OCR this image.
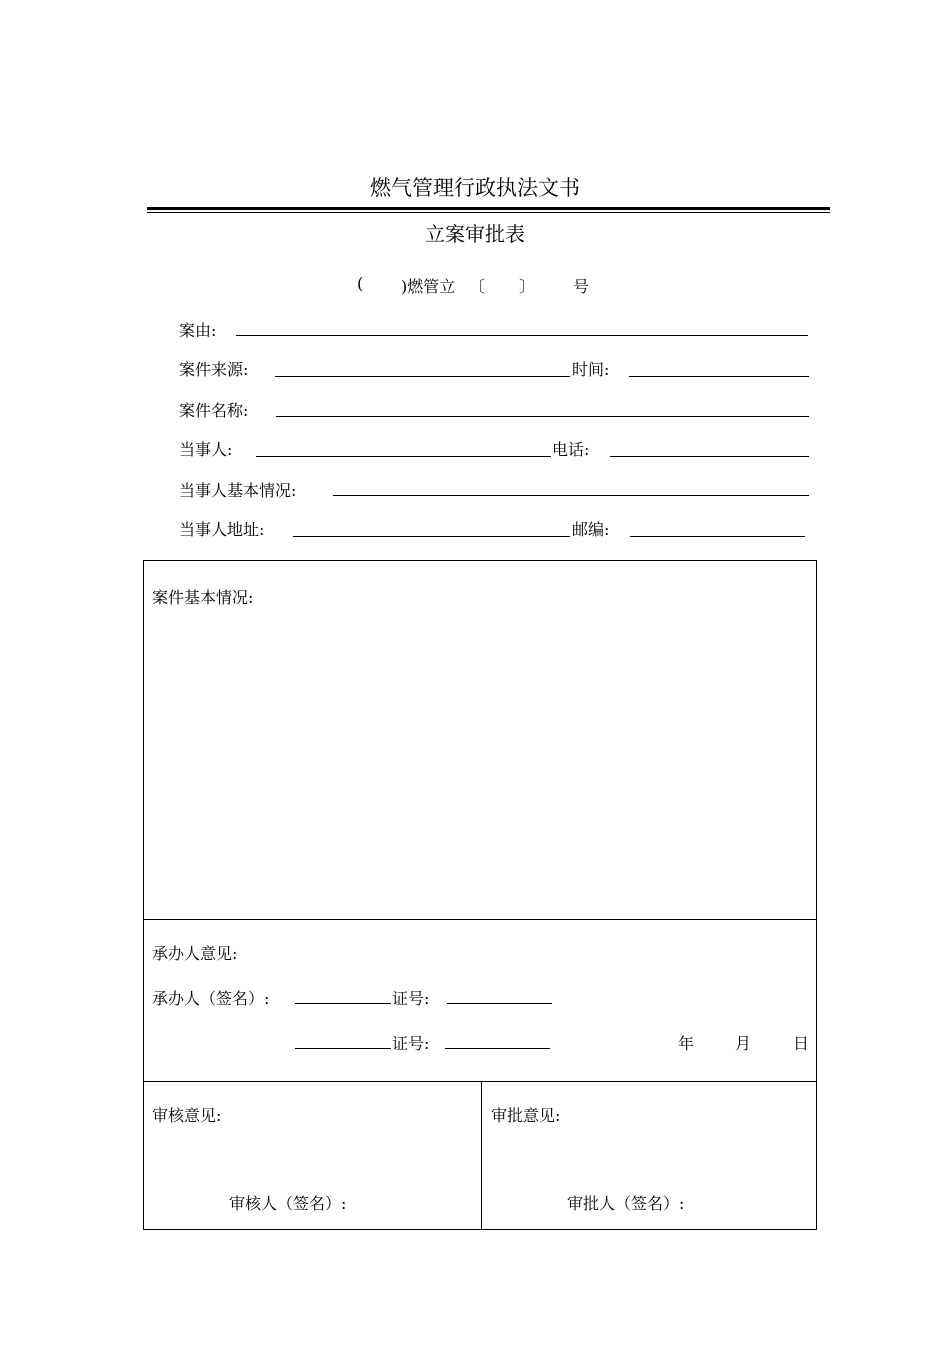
燃气管理行政执法文书
立案审批表
( )燃管立 〔 〕 号
案由:
案件来源:	时间:
案件名称:
当事人:	电话:
当事人基本情况:
当事人地址:	邮编:
案件基本情况:
承办人意见:
承办人（签名）:	证号:
证号:	年	月	日
审核意见:
审核人（签名）:
审批意见:
审批人（签名）:
